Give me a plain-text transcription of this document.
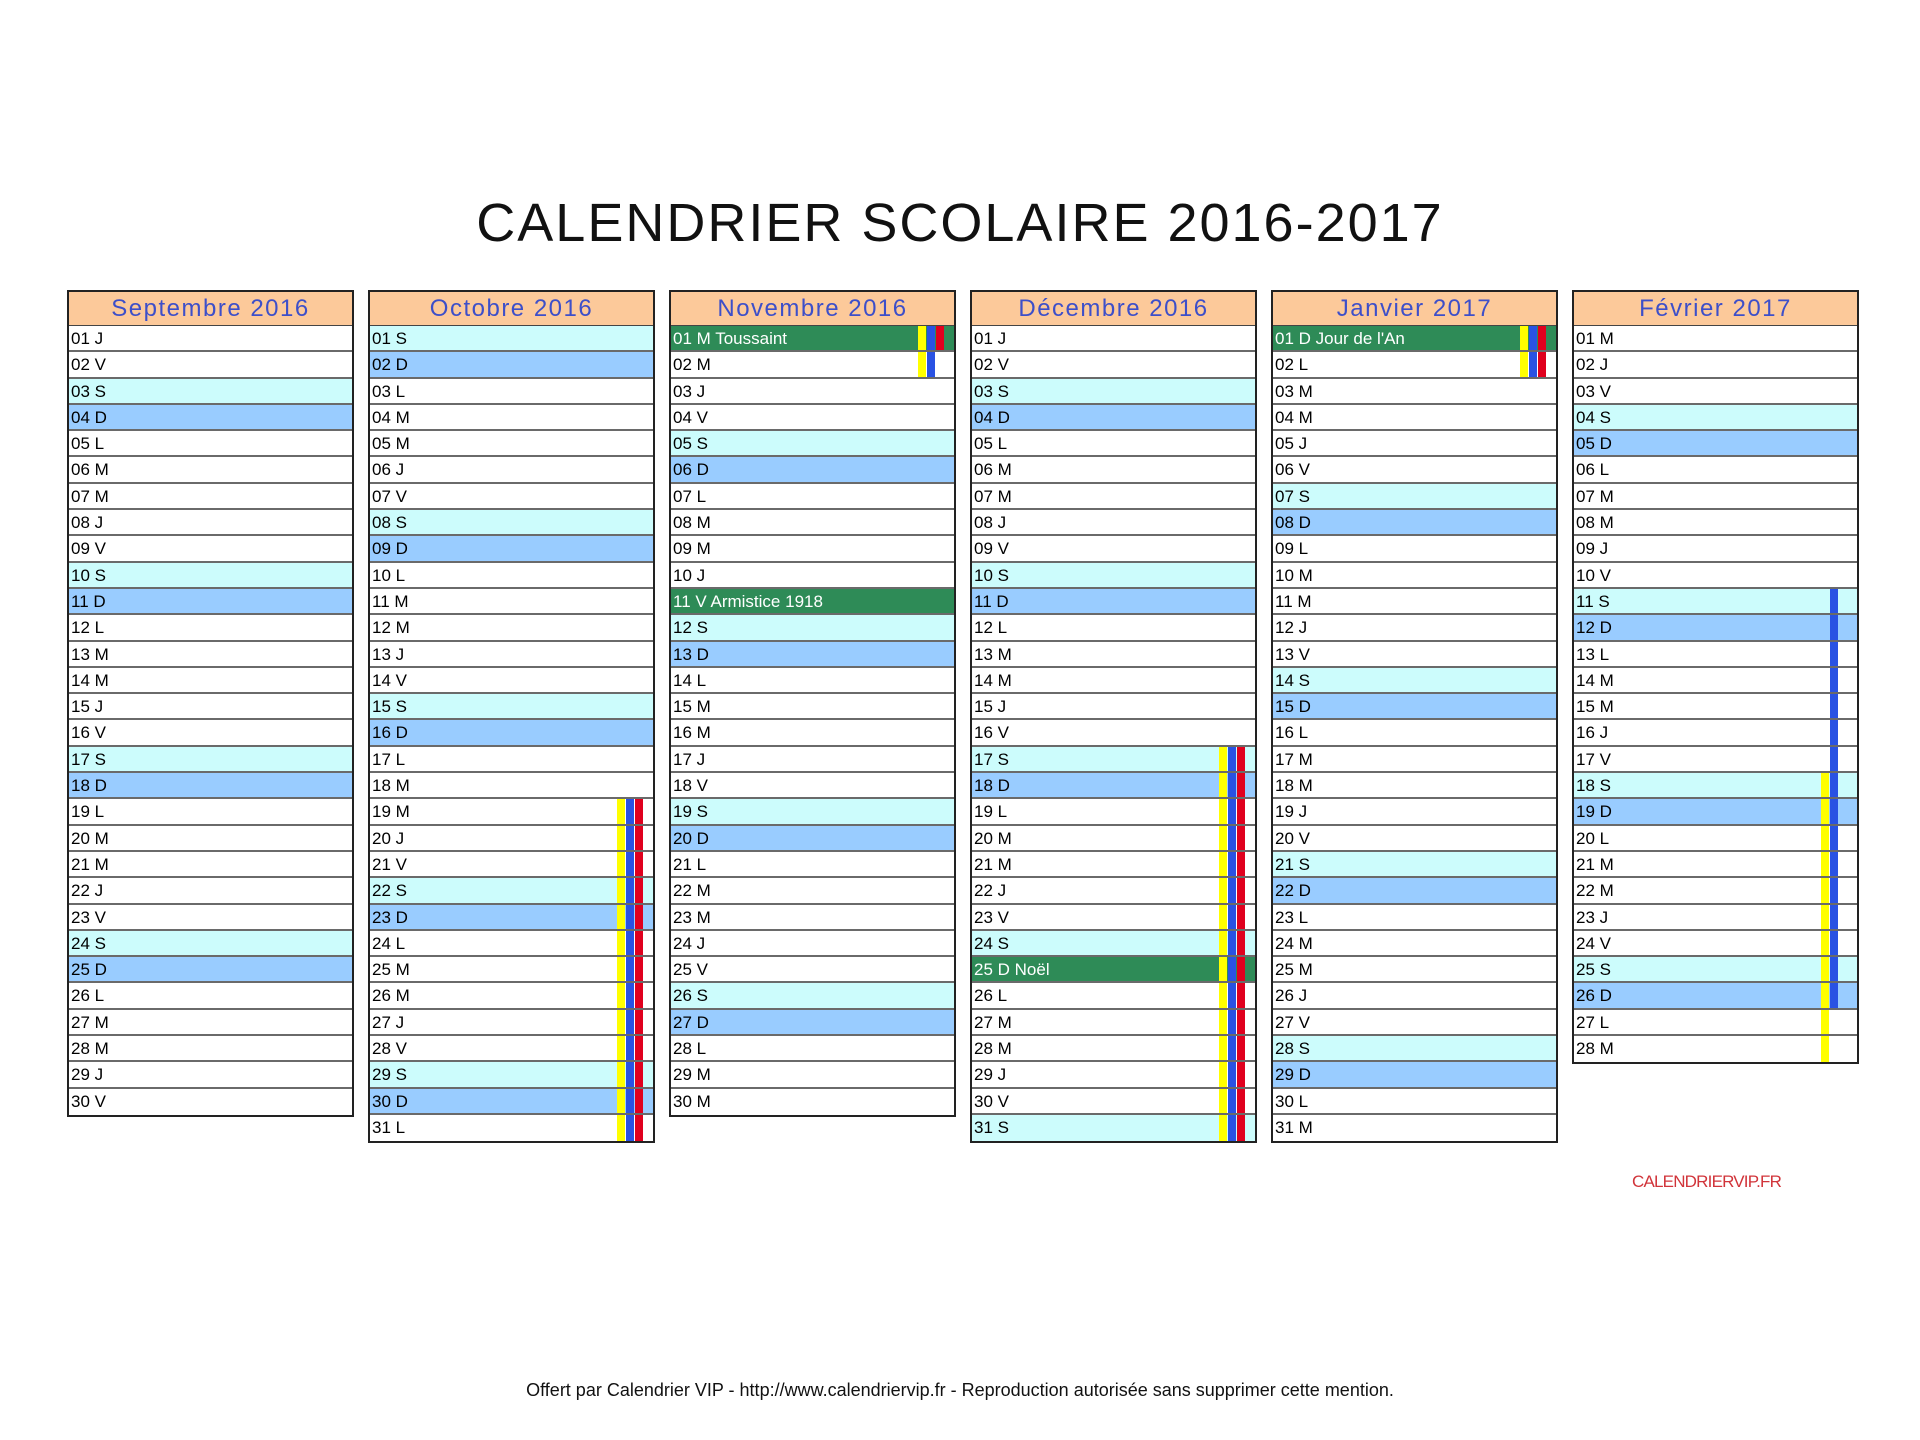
CALENDRIER SCOLAIRE 2016-2017
Septembre 2016
01 J
02 V
03 S
04 D
05 L
06 M
07 M
08 J
09 V
10 S
11 D
12 L
13 M
14 M
15 J
16 V
17 S
18 D
19 L
20 M
21 M
22 J
23 V
24 S
25 D
26 L
27 M
28 M
29 J
30 V
Octobre 2016
01 S
02 D
03 L
04 M
05 M
06 J
07 V
08 S
09 D
10 L
11 M
12 M
13 J
14 V
15 S
16 D
17 L
18 M
19 M
20 J
21 V
22 S
23 D
24 L
25 M
26 M
27 J
28 V
29 S
30 D
31 L
Novembre 2016
01 M Toussaint
02 M
03 J
04 V
05 S
06 D
07 L
08 M
09 M
10 J
11 V Armistice 1918
12 S
13 D
14 L
15 M
16 M
17 J
18 V
19 S
20 D
21 L
22 M
23 M
24 J
25 V
26 S
27 D
28 L
29 M
30 M
Décembre 2016
01 J
02 V
03 S
04 D
05 L
06 M
07 M
08 J
09 V
10 S
11 D
12 L
13 M
14 M
15 J
16 V
17 S
18 D
19 L
20 M
21 M
22 J
23 V
24 S
25 D Noël
26 L
27 M
28 M
29 J
30 V
31 S
Janvier 2017
01 D Jour de l'An
02 L
03 M
04 M
05 J
06 V
07 S
08 D
09 L
10 M
11 M
12 J
13 V
14 S
15 D
16 L
17 M
18 M
19 J
20 V
21 S
22 D
23 L
24 M
25 M
26 J
27 V
28 S
29 D
30 L
31 M
Février 2017
01 M
02 J
03 V
04 S
05 D
06 L
07 M
08 M
09 J
10 V
11 S
12 D
13 L
14 M
15 M
16 J
17 V
18 S
19 D
20 L
21 M
22 M
23 J
24 V
25 S
26 D
27 L
28 M
CALENDRIERVIP.FR
Offert par Calendrier VIP - http://www.calendriervip.fr - Reproduction autorisée sans supprimer cette mention.
